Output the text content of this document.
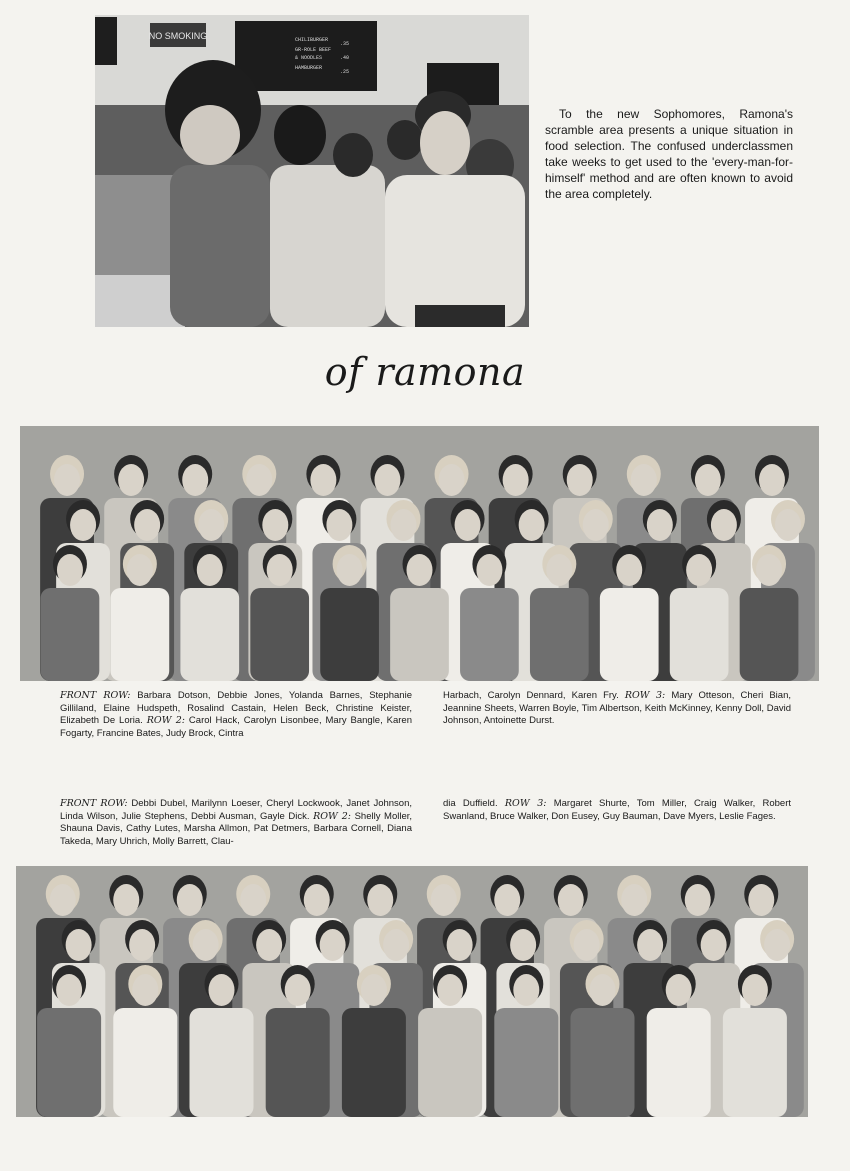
NO SMOKING	CHILIBURGER
GR-ROLE BEEF
& NOODLES
HAMBURGER
.35
.40
.25
To the new Sophomores, Ramona's scramble area presents a unique situation in food selection. The confused underclassmen take weeks to get used to the 'every-man-for-himself' method and are often known to avoid the area completely.
of ramona
FRONT ROW: Barbara Dotson, Debbie Jones, Yolanda Barnes, Stephanie Gilliland, Elaine Hudspeth, Rosalind Castain, Helen Beck, Christine Keister, Elizabeth De Loria. ROW 2: Carol Hack, Carolyn Lisonbee, Mary Bangle, Karen Fogarty, Francine Bates, Judy Brock, Cintra
Harbach, Carolyn Dennard, Karen Fry. ROW 3: Mary Otteson, Cheri Bian, Jeannine Sheets, Warren Boyle, Tim Albertson, Keith McKinney, Kenny Doll, David Johnson, Antoinette Durst.
FRONT ROW: Debbi Dubel, Marilynn Loeser, Cheryl Lockwook, Janet Johnson, Linda Wilson, Julie Stephens, Debbi Ausman, Gayle Dick. ROW 2: Shelly Moller, Shauna Davis, Cathy Lutes, Marsha Allmon, Pat Detmers, Barbara Cornell, Diana Takeda, Mary Uhrich, Molly Barrett, Clau-
dia Duffield. ROW 3: Margaret Shurte, Tom Miller, Craig Walker, Robert Swanland, Bruce Walker, Don Eusey, Guy Bauman, Dave Myers, Leslie Fages.
